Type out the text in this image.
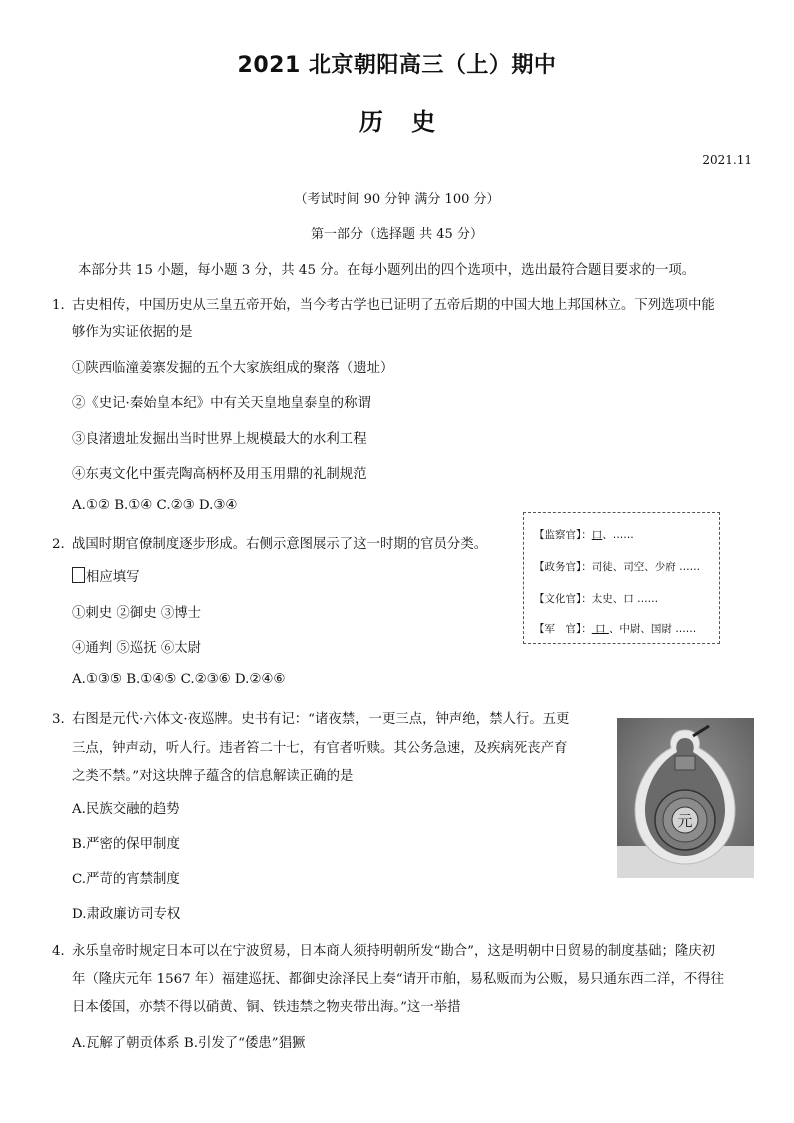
2021 北京朝阳高三（上）期中
历 史
2021.11
（考试时间 90 分钟 满分 100 分）
第一部分（选择题 共 45 分）
本部分共 15 小题，每小题 3 分，共 45 分。在每小题列出的四个选项中，选出最符合题目要求的一项。
1．
古史相传，中国历史从三皇五帝开始，当今考古学也已证明了五帝后期的中国大地上邦国林立。下列选项中能
够作为实证依据的是
①陕西临潼姜寨发掘的五个大家族组成的聚落（遗址）
②《史记·秦始皇本纪》中有关天皇地皇泰皇的称谓
③良渚遗址发掘出当时世界上规模最大的水利工程
④东夷文化中蛋壳陶高柄杯及用玉用鼎的礼制规范
A.①② B.①④ C.②③ D.③④
2．
战国时期官僚制度逐步形成。右侧示意图展示了这一时期的官员分类。
相应填写
①刺史 ②御史 ③博士
④通判 ⑤巡抚 ⑥太尉
A.①③⑤ B.①④⑤ C.②③⑥ D.②④⑥
【监察官】：口、……
【政务官】：司徒、司空、少府 ……
【文化官】：太史、口 ……
【军　官】： 口 、中尉、国尉 ……
3．
右图是元代·六体文·夜巡牌。史书有记：“诸夜禁，一更三点，钟声绝，禁人行。五更
三点，钟声动，听人行。违者笞二十七，有官者听赎。其公务急速，及疾病死丧产育
之类不禁。”对这块牌子蕴含的信息解读正确的是
A.民族交融的趋势
B.严密的保甲制度
C.严苛的宵禁制度
D.肃政廉访司专权
元
4．
永乐皇帝时规定日本可以在宁波贸易，日本商人须持明朝所发“勘合”，这是明朝中日贸易的制度基础；隆庆初
年（隆庆元年 1567 年）福建巡抚、都御史涂泽民上奏“请开市舶，易私贩而为公贩，易只通东西二洋，不得往
日本倭国，亦禁不得以硝黄、铜、铁违禁之物夹带出海。”这一举措
A.瓦解了朝贡体系 B.引发了“倭患”猖獗
